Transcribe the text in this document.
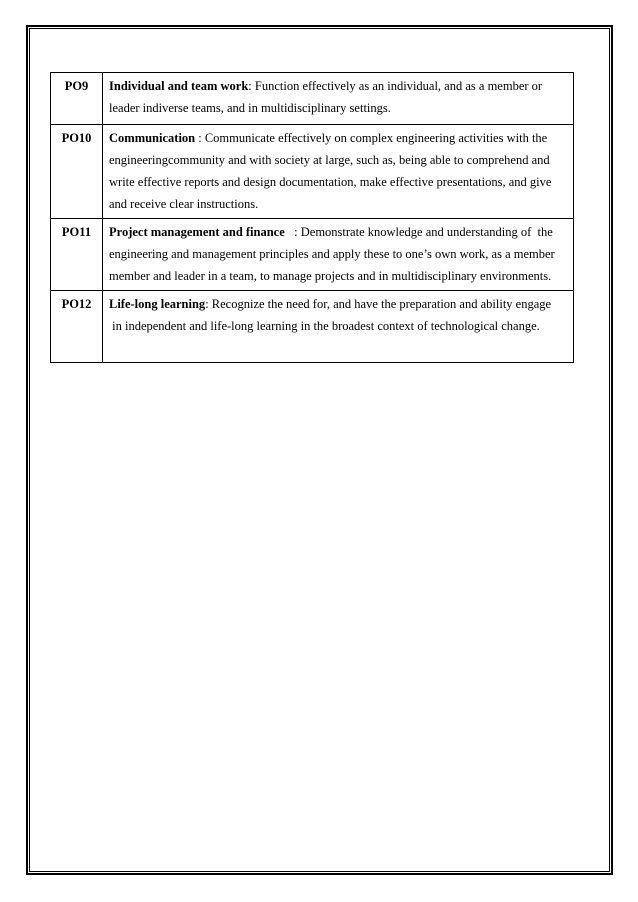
PO9	Individual and team work: Function effectively as an individual, and as a member or
leader indiverse teams, and in multidisciplinary settings.

PO10	Communication : Communicate effectively on complex engineering activities with the
engineeringcommunity and with society at large, such as, being able to comprehend and
write effective reports and design documentation, make effective presentations, and give
and receive clear instructions.

PO11	Project management and finance   : Demonstrate knowledge and understanding of  the
engineering and management principles and apply these to one’s own work, as a member
member and leader in a team, to manage projects and in multidisciplinary environments.

PO12	Life-long learning: Recognize the need for, and have the preparation and ability engage
in independent and life-long learning in the broadest context of technological change.
